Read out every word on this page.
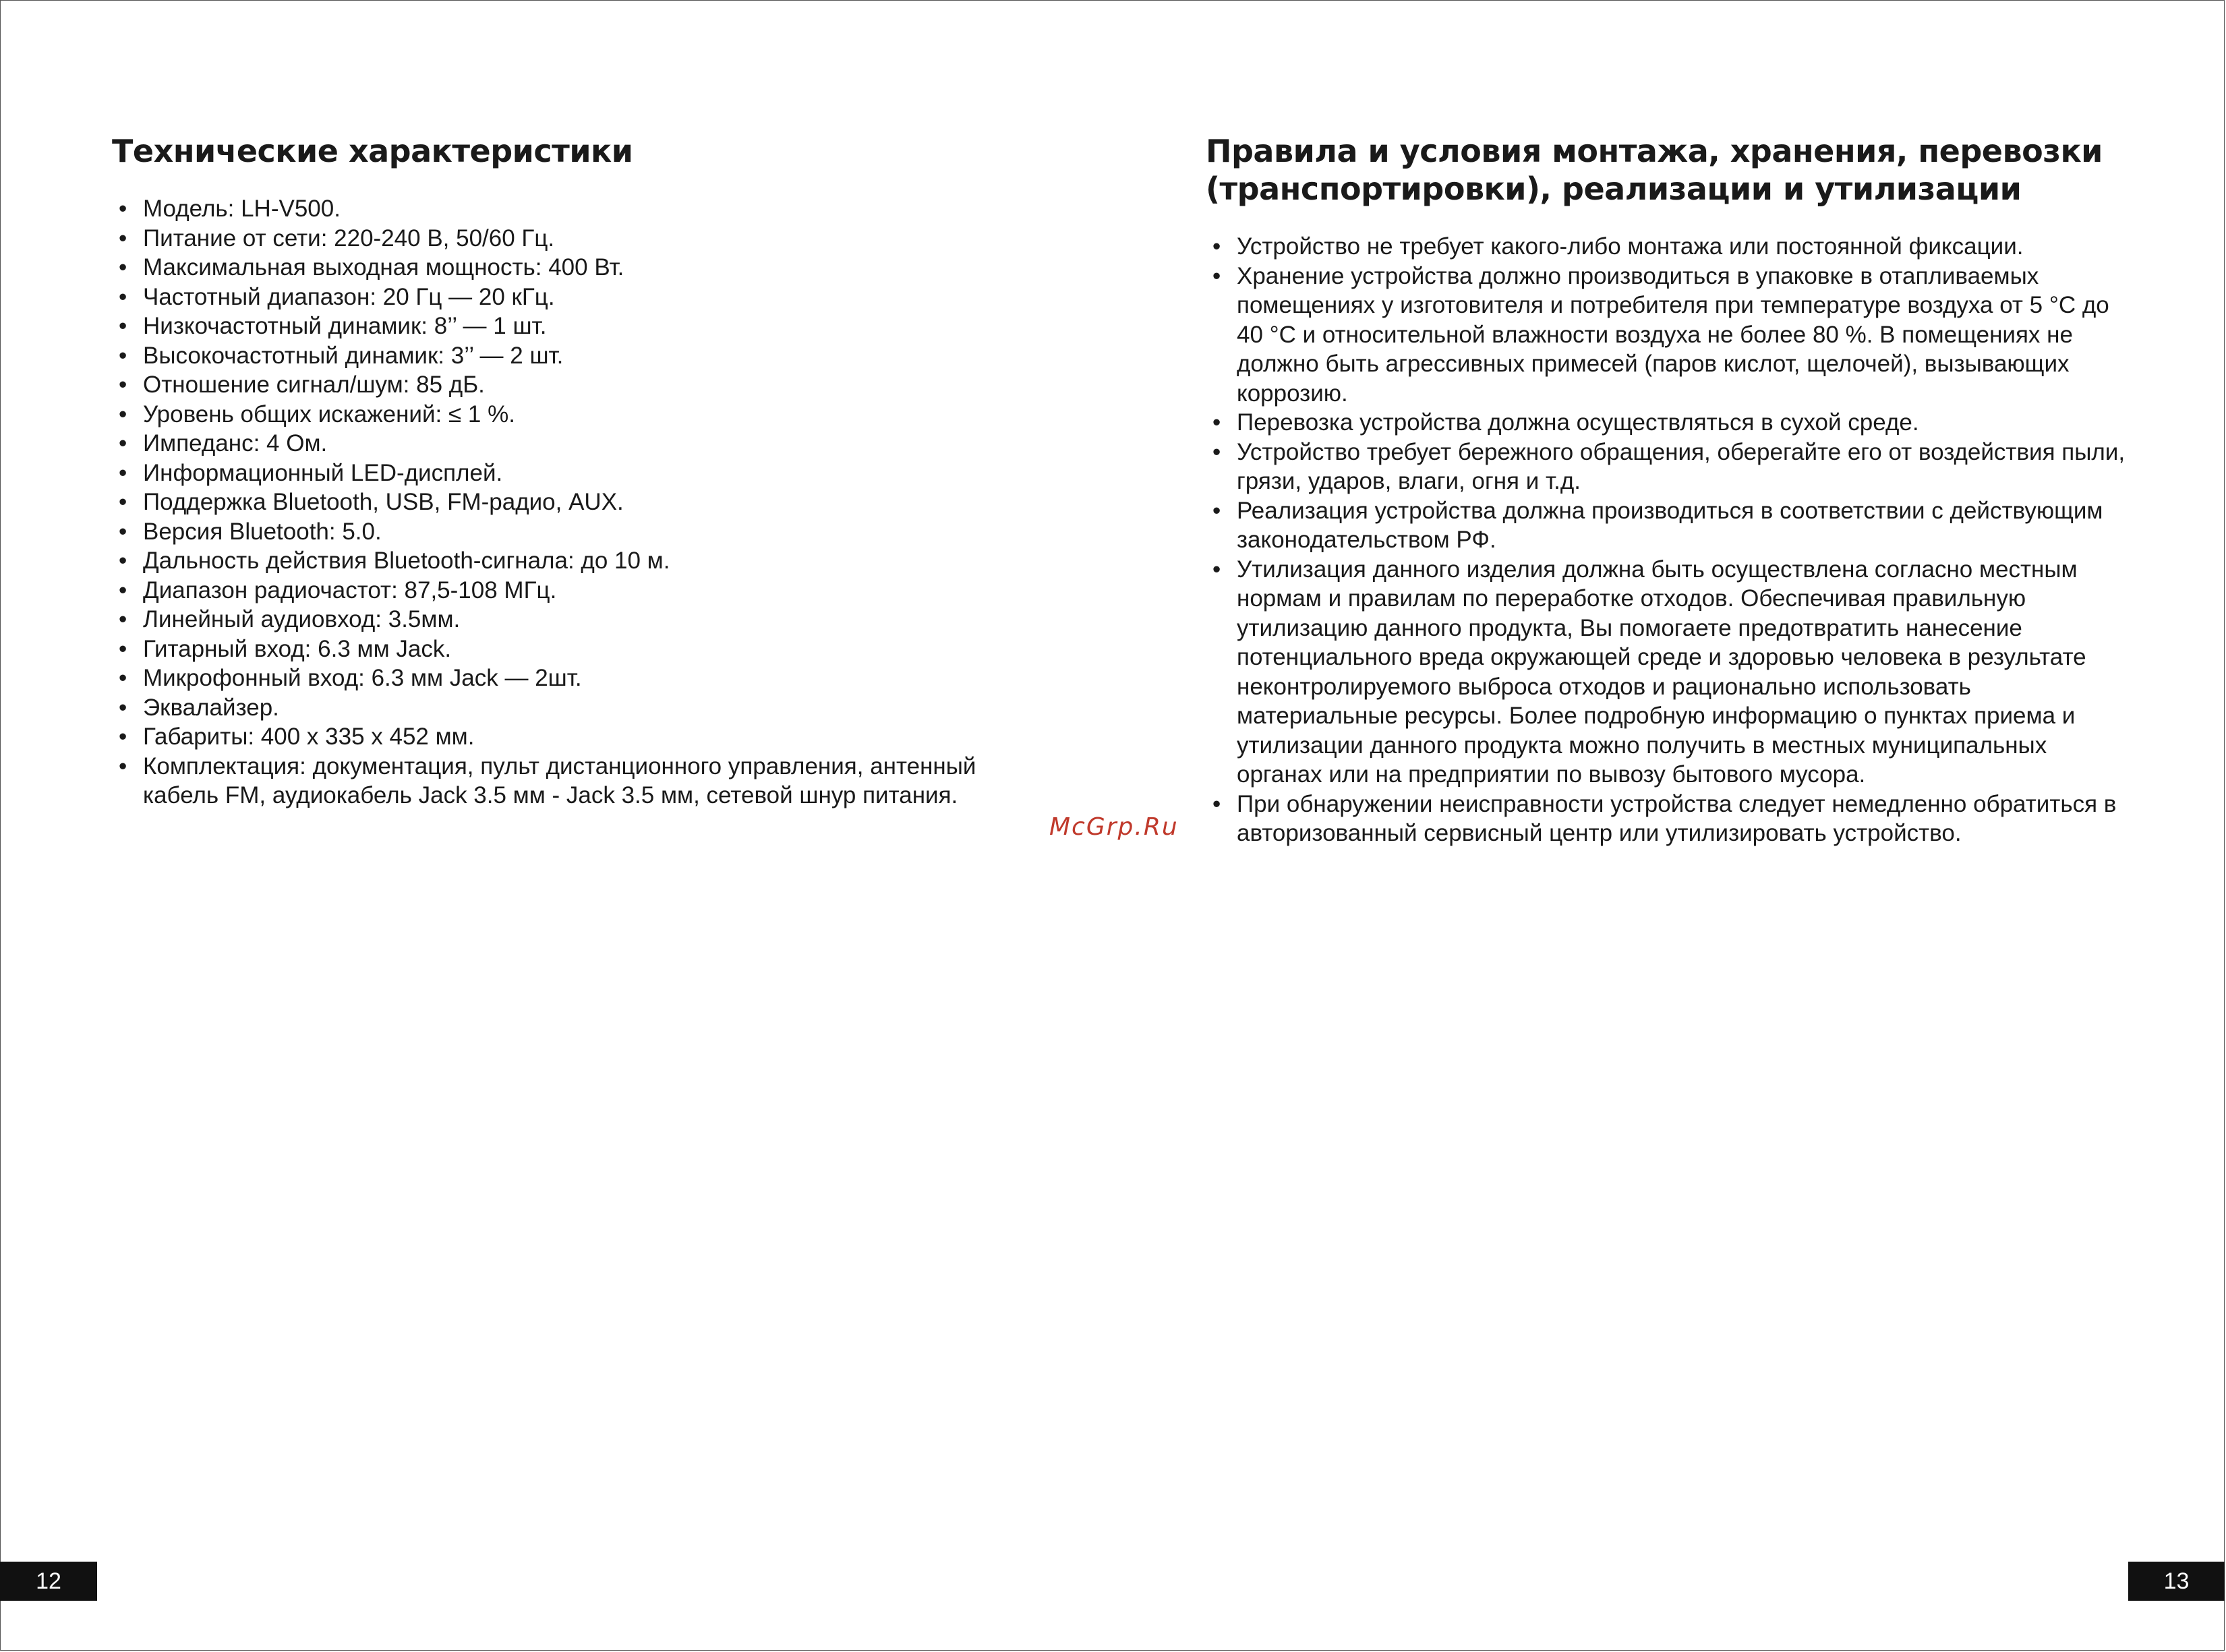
Технические характеристики
• Модель: LH-V500.
• Питание от сети: 220-240 В, 50/60 Гц.
• Максимальная выходная мощность: 400 Вт.
• Частотный диапазон: 20 Гц — 20 кГц.
• Низкочастотный динамик: 8’’ — 1 шт.
• Высокочастотный динамик: 3’’ — 2 шт.
• Отношение сигнал/шум: 85 дБ.
• Уровень общих искажений: ≤ 1 %.
• Импеданс: 4 Ом.
• Информационный LED-дисплей.
• Поддержка Bluetooth, USB, FM-радио, AUX.
• Версия Bluetooth: 5.0.
• Дальность действия Bluetooth-сигнала: до 10 м.
• Диапазон радиочастот: 87,5-108 МГц.
• Линейный аудиовход: 3.5мм.
• Гитарный вход: 6.3 мм Jack.
• Микрофонный вход: 6.3 мм Jack — 2шт.
• Эквалайзер.
• Габариты: 400 x 335 x 452 мм.
• Комплектация: документация, пульт дистанционного управления, антенный кабель FM, аудиокабель Jack 3.5 мм - Jack 3.5 мм, сетевой шнур питания.
Правила и условия монтажа, хранения, перевозки
(транспортировки), реализации и утилизации
• Устройство не требует какого-либо монтажа или постоянной фиксации.
• Хранение устройства должно производиться в упаковке в отапливаемых помещениях у изготовителя и потребителя при температуре воздуха от 5 °С до 40 °С и относительной влажности воздуха не более 80 %. В помещениях не должно быть агрессивных примесей (паров кислот, щелочей), вызывающих коррозию.
• Перевозка устройства должна осуществляться в сухой среде.
• Устройство требует бережного обращения, оберегайте его от воздействия пыли, грязи, ударов, влаги, огня и т.д.
• Реализация устройства должна производиться в соответствии с действующим законодательством РФ.
• Утилизация данного изделия должна быть осуществлена согласно местным нормам и правилам по переработке отходов. Обеспечивая правильную утилизацию данного продукта, Вы помогаете предотвратить нанесение потенциального вреда окружающей среде и здоровью человека в результате неконтролируемого выброса отходов и рационально использовать материальные ресурсы. Более подробную информацию о пунктах приема и утилизации данного продукта можно получить в местных муниципальных органах или на предприятии по вывозу бытового мусора.
• При обнаружении неисправности устройства следует немедленно обратиться в авторизованный сервисный центр или утилизировать устройство.
McGrp.Ru
12	13
